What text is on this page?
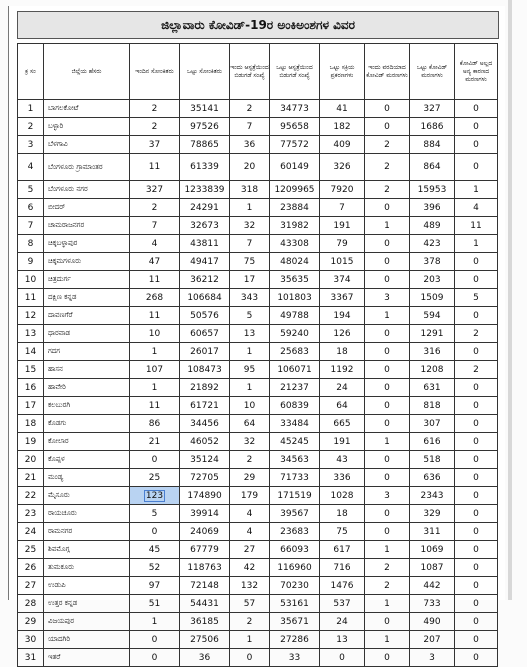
ಜಿಲ್ಲಾವಾರು ಕೋವಿಡ್-19ರ ಅಂಕಿಅಂಶಗಳ ವಿವರ
ಕ್ರ ಸಂ	ಜಿಲ್ಲೆಯ ಹೆಸರು	ಇಂದಿನ ಸೋಂಕಿತರು	ಒಟ್ಟು ಸೋಂಕಿತರು	ಇಂದು ಆಸ್ಪತ್ರೆಯಿಂದ ಬಿಡುಗಡೆ ಸಂಖ್ಯೆ	ಒಟ್ಟು ಆಸ್ಪತ್ರೆಯಿಂದ ಬಿಡುಗಡೆ ಸಂಖ್ಯೆ	ಒಟ್ಟು ಸಕ್ರಿಯ ಪ್ರಕರಣಗಳು	ಇಂದು ವರದಿಯಾದ ಕೋವಿಡ್ ಮರಣಗಳು	ಒಟ್ಟು ಕೋವಿಡ್ ಮರಣಗಳು	ಕೋವಿಡ್ ಅಲ್ಲದ ಅನ್ಯ ಕಾರಣದ ಮರಣಗಳು
1	ಬಾಗಲಕೋಟೆ	2	35141	2	34773	41	0	327	0
2	ಬಳ್ಳಾರಿ	2	97526	7	95658	182	0	1686	0
3	ಬೆಳಗಾವಿ	37	78865	36	77572	409	2	884	0
4	ಬೆಂಗಳೂರು ಗ್ರಾಮಾಂತರ	11	61339	20	60149	326	2	864	0
5	ಬೆಂಗಳೂರು ನಗರ	327	1233839	318	1209965	7920	2	15953	1
6	ಬೀದರ್	2	24291	1	23884	7	0	396	4
7	ಚಾಮರಾಜನಗರ	7	32673	32	31982	191	1	489	11
8	ಚಿಕ್ಕಬಳ್ಳಾಪುರ	4	43811	7	43308	79	0	423	1
9	ಚಿಕ್ಕಮಗಳೂರು	47	49417	75	48024	1015	0	378	0
10	ಚಿತ್ರದುರ್ಗ	11	36212	17	35635	374	0	203	0
11	ದಕ್ಷಿಣ ಕನ್ನಡ	268	106684	343	101803	3367	3	1509	5
12	ದಾವಣಗೆರೆ	11	50576	5	49788	194	1	594	0
13	ಧಾರವಾಡ	10	60657	13	59240	126	0	1291	2
14	ಗದಗ	1	26017	1	25683	18	0	316	0
15	ಹಾಸನ	107	108473	95	106071	1192	0	1208	2
16	ಹಾವೇರಿ	1	21892	1	21237	24	0	631	0
17	ಕಲಬುರಗಿ	11	61721	10	60839	64	0	818	0
18	ಕೊಡಗು	86	34456	64	33484	665	0	307	0
19	ಕೋಲಾರ	21	46052	32	45245	191	1	616	0
20	ಕೊಪ್ಪಳ	0	35124	2	34563	43	0	518	0
21	ಮಂಡ್ಯ	25	72705	29	71733	336	0	636	0
22	ಮೈಸೂರು	123	174890	179	171519	1028	3	2343	0
23	ರಾಯಚೂರು	5	39914	4	39567	18	0	329	0
24	ರಾಮನಗರ	0	24069	4	23683	75	0	311	0
25	ಶಿವಮೊಗ್ಗ	45	67779	27	66093	617	1	1069	0
26	ತುಮಕೂರು	52	118763	42	116960	716	2	1087	0
27	ಉಡುಪಿ	97	72148	132	70230	1476	2	442	0
28	ಉತ್ತರ ಕನ್ನಡ	51	54431	57	53161	537	1	733	0
29	ವಿಜಯಪುರ	1	36185	2	35671	24	0	490	0
30	ಯಾದಗಿರಿ	0	27506	1	27286	13	1	207	0
31	ಇತರೆ	0	36	0	33	0	0	3	0
